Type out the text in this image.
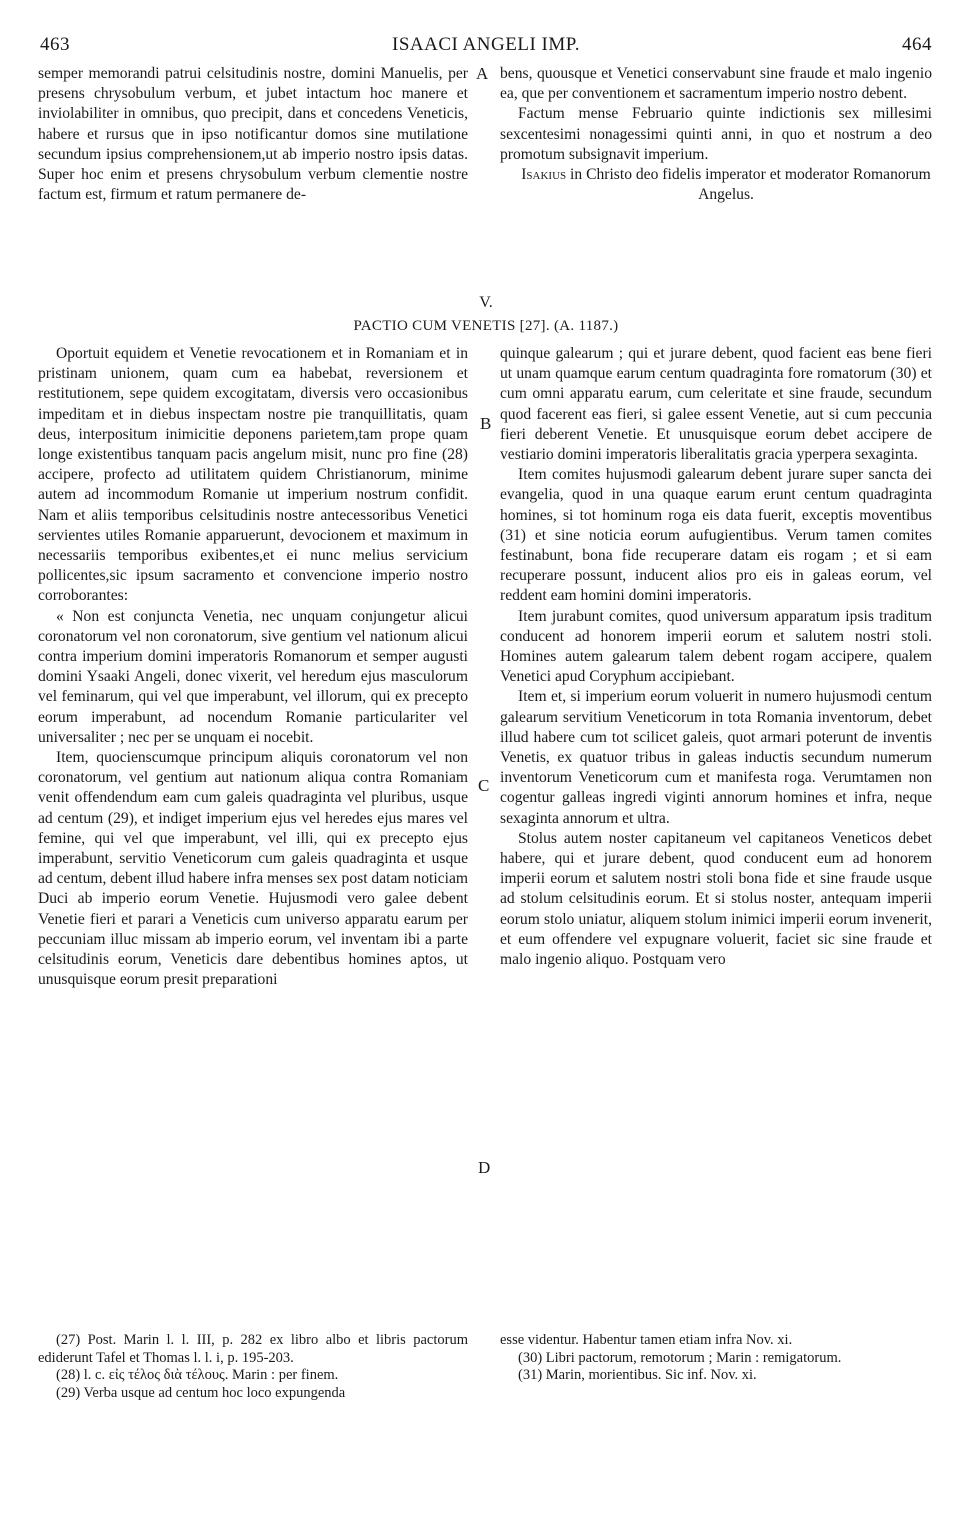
463	ISAACI ANGELI IMP.	464

semper memorandi patrui celsitudinis nostre, domini Manuelis, per presens chrysobulum verbum, et jubet intactum hoc manere et inviolabiliter in omnibus, quo precipit, dans et concedens Veneticis, habere et rursus que in ipso notificantur domos sine mutilatione secundum ipsius comprehensionem,ut ab imperio nostro ipsis datas. Super hoc enim et presens chrysobulum verbum clementie nostre factum est, firmum et ratum permanere de-

A bens, quousque et Venetici conservabunt sine fraude et malo ingenio ea, que per conventionem et sacramentum imperio nostro debent.

Factum mense Februario quinte indictionis sex millesimi sexcentesimi nonagessimi quinti anni, in quo et nostrum a deo promotum subsignavit imperium.

Isakius in Christo deo fidelis imperator et moderator Romanorum Angelus.

V.
PACTIO CUM VENETIS [27]. (A. 1187.)

Oportuit equidem et Venetie revocationem et in Romaniam et in pristinam unionem, quam cum ea habebat, reversionem et restitutionem, sepe quidem excogitatam, diversis vero occasionibus impeditam et in diebus inspectam nostre pie tranquillitatis, quam deus, interpositum inimicitie deponens parietem,tam prope quam longe existentibus tanquam pacis angelum misit, nunc pro fine (28) accipere, profecto ad utilitatem quidem Christianorum, minime autem ad incommodum Romanie ut imperium nostrum confidit. Nam et aliis temporibus celsitudinis nostre antecessoribus Venetici servientes utiles Romanie apparuerunt, devocionem et maximum in necessariis temporibus exibentes,et ei nunc melius servicium pollicentes,sic ipsum sacramento et convencione imperio nostro corroborantes:

« Non est conjuncta Venetia, nec unquam conjungetur alicui coronatorum vel non coronatorum, sive gentium vel nationum alicui contra imperium domini imperatoris Romanorum et semper augusti domini Ysaaki Angeli, donec vixerit, vel heredum ejus masculorum vel feminarum, qui vel que imperabunt, vel illorum, qui ex precepto eorum imperabunt, ad nocendum Romanie particulariter vel universaliter ; nec per se unquam ei nocebit.

Item, quocienscumque principum aliquis coronatorum vel non coronatorum, vel gentium aut nationum aliqua contra Romaniam venit offendendum eam cum galeis quadraginta vel pluribus, usque ad centum (29), et indiget imperium ejus vel heredes ejus mares vel femine, qui vel que imperabunt, vel illi, qui ex precepto ejus imperabunt, servitio Veneticorum cum galeis quadraginta et usque ad centum, debent illud habere infra menses sex post datam noticiam Duci ab imperio eorum Venetie. Hujusmodi vero galee debent Venetie fieri et parari a Veneticis cum universo apparatu earum per peccuniam illuc missam ab imperio eorum, vel inventam ibi a parte celsitudinis eorum, Veneticis dare debentibus homines aptos, ut unusquisque eorum presit preparationi

B
C
D

quinque galearum ; qui et jurare debent, quod facient eas bene fieri ut unam quamque earum centum quadraginta fore romatorum (30) et cum omni apparatu earum, cum celeritate et sine fraude, secundum quod facerent eas fieri, si galee essent Venetie, aut si cum peccunia fieri deberent Venetie. Et unusquisque eorum debet accipere de vestiario domini imperatoris liberalitatis gracia yperpera sexaginta.

Item comites hujusmodi galearum debent jurare super sancta dei evangelia, quod in una quaque earum erunt centum quadraginta homines, si tot hominum roga eis data fuerit, exceptis moventibus (31) et sine noticia eorum aufugientibus. Verum tamen comites festinabunt, bona fide recuperare datam eis rogam ; et si eam recuperare possunt, inducent alios pro eis in galeas eorum, vel reddent eam homini domini imperatoris.

Item jurabunt comites, quod universum apparatum ipsis traditum conducent ad honorem imperii eorum et salutem nostri stoli. Homines autem galearum talem debent rogam accipere, qualem Venetici apud Coryphum accipiebant.

Item et, si imperium eorum voluerit in numero hujusmodi centum galearum servitium Veneticorum in tota Romania inventorum, debet illud habere cum tot scilicet galeis, quot armari poterunt de inventis Venetis, ex quatuor tribus in galeas inductis secundum numerum inventorum Veneticorum cum et manifesta roga. Verumtamen non cogentur galleas ingredi viginti annorum homines et infra, neque sexaginta annorum et ultra.

Stolus autem noster capitaneum vel capitaneos Veneticos debet habere, qui et jurare debent, quod conducent eum ad honorem imperii eorum et salutem nostri stoli bona fide et sine fraude usque ad stolum celsitudinis eorum. Et si stolus noster, antequam imperii eorum stolo uniatur, aliquem stolum inimici imperii eorum invenerit, et eum offendere vel expugnare voluerit, faciet sic sine fraude et malo ingenio aliquo. Postquam vero

(27) Post. Marin l. l. III, p. 282 ex libro albo et libris pactorum ediderunt Tafel et Thomas l. l. i, p. 195-203.

(28) l. c. εἰς τέλος διὰ τέλους. Marin : per finem.

(29) Verba usque ad centum hoc loco expungenda

esse videntur. Habentur tamen etiam infra Nov. xi.

(30) Libri pactorum, remotorum ; Marin : remigatorum.

(31) Marin, morientibus. Sic inf. Nov. xi.
